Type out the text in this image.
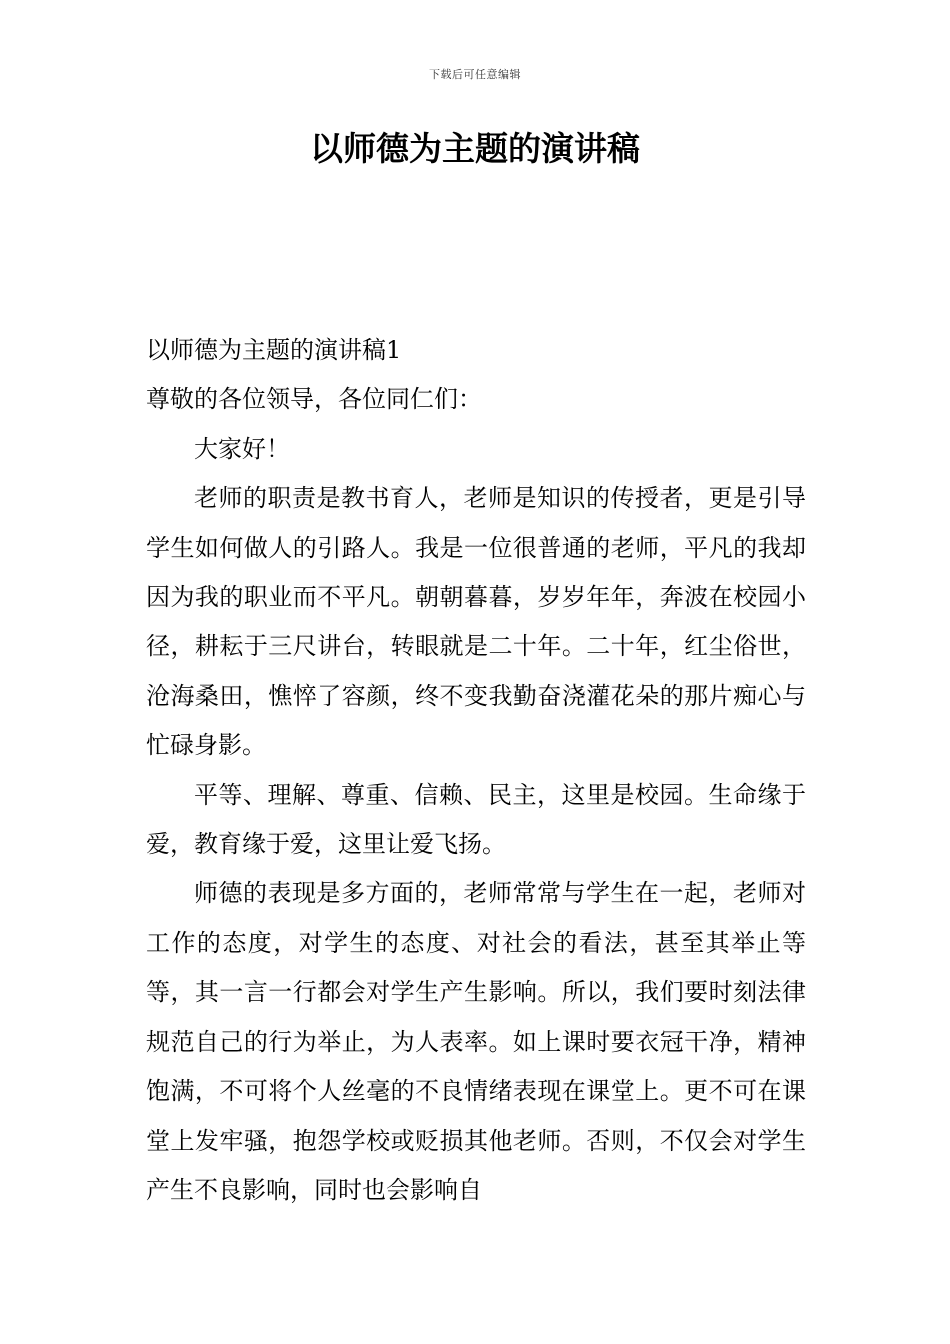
下载后可任意编辑
以师德为主题的演讲稿

以师德为主题的演讲稿1

尊敬的各位领导，各位同仁们：

大家好！

老师的职责是教书育人，老师是知识的传授者，更是引导学生如何做人的引路人。我是一位很普通的老师，平凡的我却因为我的职业而不平凡。朝朝暮暮，岁岁年年，奔波在校园小径，耕耘于三尺讲台，转眼就是二十年。二十年，红尘俗世，沧海桑田，憔悴了容颜，终不变我勤奋浇灌花朵的那片痴心与忙碌身影。

平等、理解、尊重、信赖、民主，这里是校园。生命缘于爱，教育缘于爱，这里让爱飞扬。

师德的表现是多方面的，老师常常与学生在一起，老师对工作的态度，对学生的态度、对社会的看法，甚至其举止等等，其一言一行都会对学生产生影响。所以，我们要时刻法律规范自己的行为举止，为人表率。如上课时要衣冠干净，精神饱满，不可将个人丝毫的不良情绪表现在课堂上。更不可在课堂上发牢骚，抱怨学校或贬损其他老师。否则，不仅会对学生产生不良影响，同时也会影响自
